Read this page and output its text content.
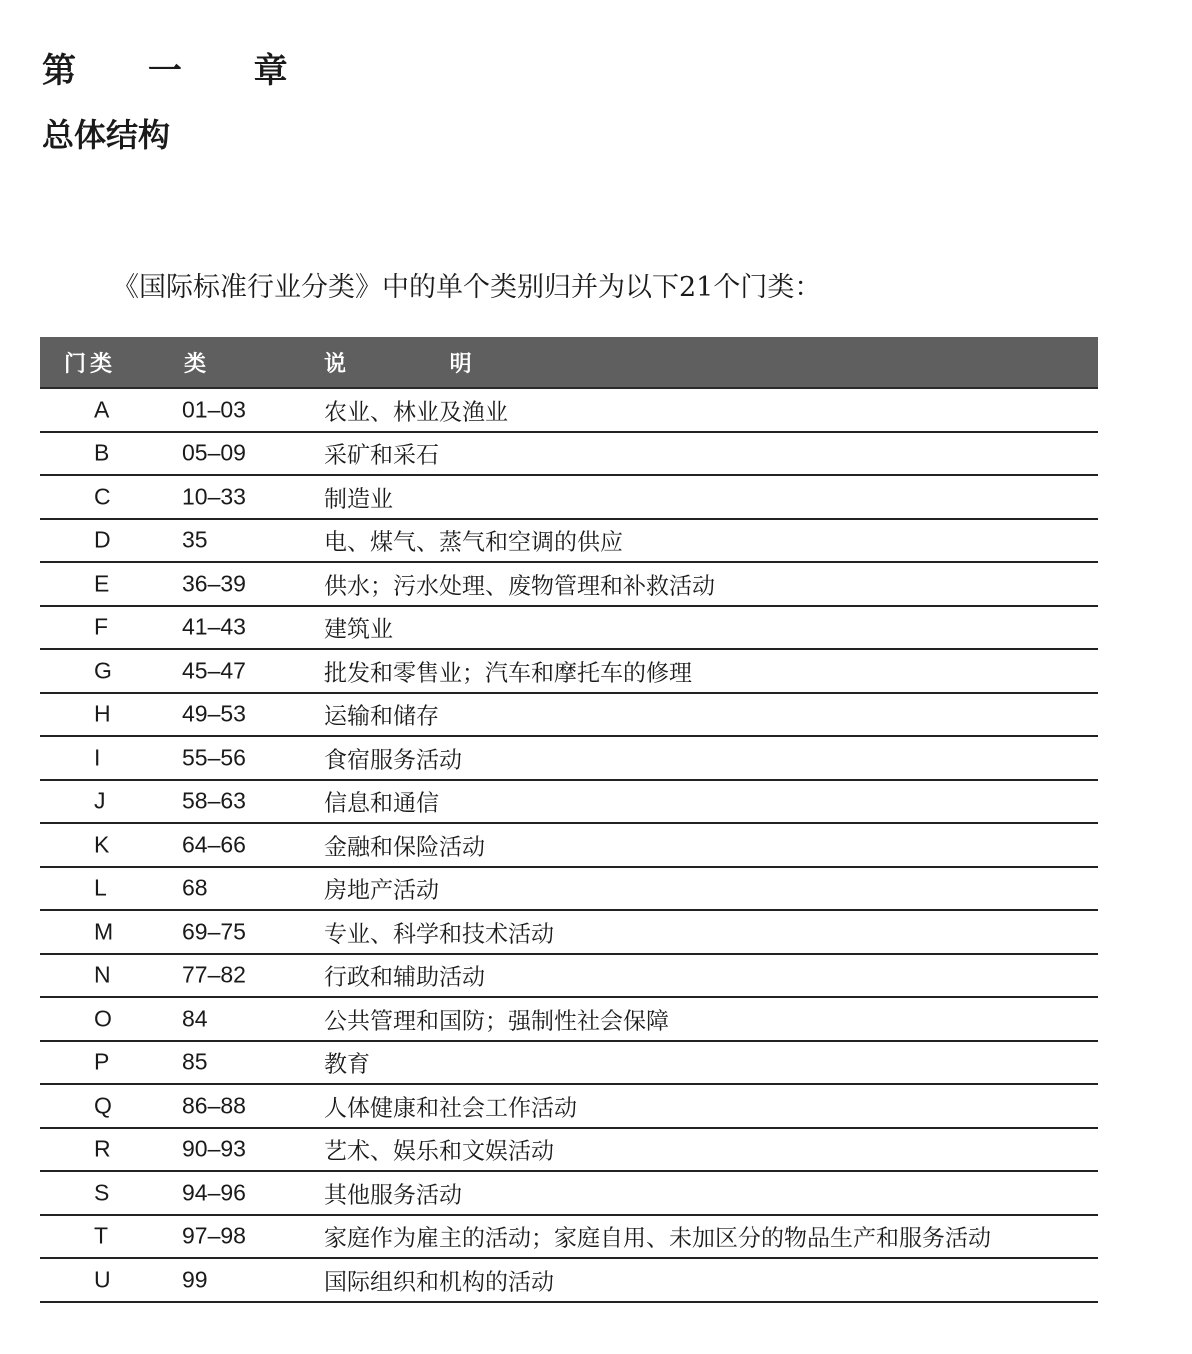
第 一 章
总体结构
《国际标准行业分类》中的单个类别归并为以下21个门类：
门类	类	说 明
A	01–03	农业、林业及渔业
B	05–09	采矿和采石
C	10–33	制造业
D	35	电、煤气、蒸气和空调的供应
E	36–39	供水；污水处理、废物管理和补救活动
F	41–43	建筑业
G	45–47	批发和零售业；汽车和摩托车的修理
H	49–53	运输和储存
I	55–56	食宿服务活动
J	58–63	信息和通信
K	64–66	金融和保险活动
L	68	房地产活动
M	69–75	专业、科学和技术活动
N	77–82	行政和辅助活动
O	84	公共管理和国防；强制性社会保障
P	85	教育
Q	86–88	人体健康和社会工作活动
R	90–93	艺术、娱乐和文娱活动
S	94–96	其他服务活动
T	97–98	家庭作为雇主的活动；家庭自用、未加区分的物品生产和服务活动
U	99	国际组织和机构的活动
